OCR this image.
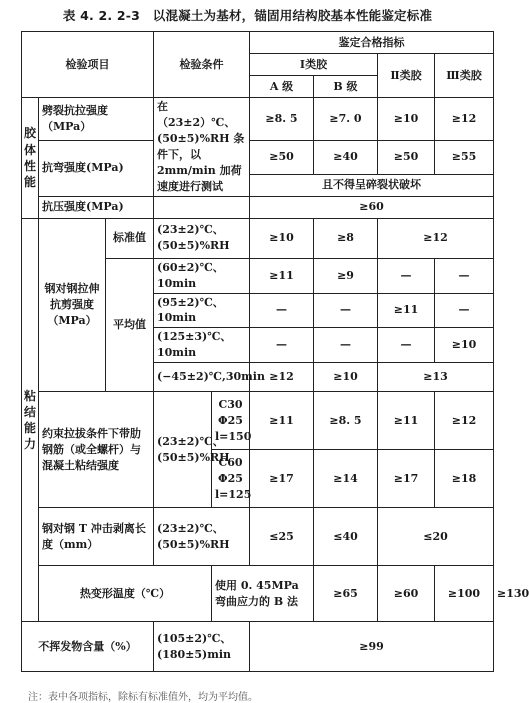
表 4. 2. 2-3　以混凝土为基材，锚固用结构胶基本性能鉴定标准
检验项目			检验条件		鉴定合格指标				
					Ⅰ类胶		Ⅱ类胶	Ⅲ类胶	
					A 级	B 级			
胶体性能	劈裂抗拉强度（MPa）		在（23±2）℃、(50±5)%RH 条件下，以 2mm/min 加荷速度进行测试		≥8. 5	≥7. 0	≥10	≥12	
	抗弯强度(MPa)				≥50	≥40	≥50	≥55	
					且不得呈碎裂状破坏				
	抗压强度(MPa)				≥60				
粘结能力	钢对钢拉伸抗剪强度（MPa）	标准值	(23±2)℃、(50±5)%RH		≥10	≥8	≥12		
		平均值	(60±2)℃、10min		≥11	≥9	—	—	
			(95±2)℃、10min		—	—	≥11	—	
			(125±3)℃、10min		—	—	—	≥10	
			(−45±2)℃,30min		≥12	≥10	≥13		
	约束拉拔条件下带肋钢筋（或全螺杆）与混凝土粘结强度		(23±2)℃、(50±5)%RH	C30 Φ25 l=150	≥11	≥8. 5	≥11	≥12	

				C60 Φ25 l=125	≥17	≥14	≥17	≥18	

	钢对钢 T 冲击剥离长度（mm）		(23±2)℃、(50±5)%RH		≤25	≤40	≤20		
	热变形温度（℃）			使用 0. 45MPa 弯曲应力的 B 法		≥65	≥60	≥100	≥130
不挥发物含量（%）			(105±2)℃、(180±5)min		≥99				
注：表中各项指标，除标有标准值外，均为平均值。
